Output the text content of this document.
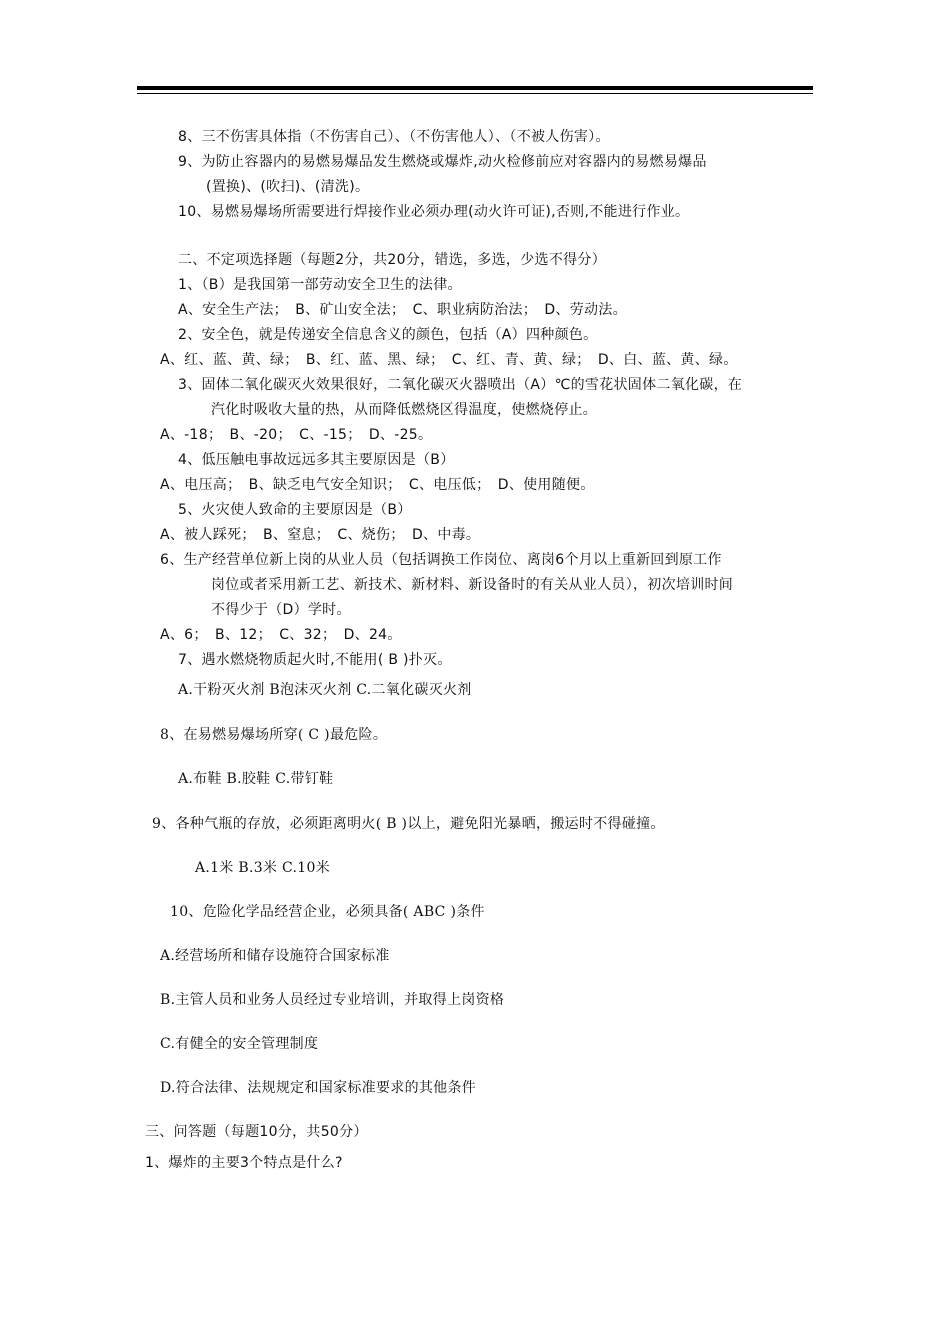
8、三不伤害具体指（不伤害自己）、（不伤害他人）、（不被人伤害）。
9、为防止容器内的易燃易爆品发生燃烧或爆炸,动火检修前应对容器内的易燃易爆品
(置换)、(吹扫)、(清洗)。
10、易燃易爆场所需要进行焊接作业必须办理(动火许可证),否则,不能进行作业。
二、不定项选择题（每题2分，共20分，错选，多选，少选不得分）
1、（B）是我国第一部劳动安全卫生的法律。
A、安全生产法；　B、矿山安全法；　C、职业病防治法；　D、劳动法。
2、安全色，就是传递安全信息含义的颜色，包括（A）四种颜色。
A、红、蓝、黄、绿；　B、红、蓝、黑、绿；　C、红、青、黄、绿；　D、白、蓝、黄、绿。
3、固体二氧化碳灭火效果很好，二氧化碳灭火器喷出（A）℃的雪花状固体二氧化碳，在
汽化时吸收大量的热，从而降低燃烧区得温度，使燃烧停止。
A、-18；　B、-20；　C、-15；　D、-25。
4、低压触电事故远远多其主要原因是（B）
A、电压高；　B、缺乏电气安全知识；　C、电压低；　D、使用随便。
5、火灾使人致命的主要原因是（B）
A、被人踩死；　B、窒息；　C、烧伤；　D、中毒。
6、生产经营单位新上岗的从业人员（包括调换工作岗位、离岗6个月以上重新回到原工作
岗位或者采用新工艺、新技术、新材料、新设备时的有关从业人员），初次培训时间
不得少于（D）学时。
A、6；　B、12；　C、32；　D、24。
7、遇水燃烧物质起火时,不能用( B )扑灭。
A.干粉灭火剂 B泡沫灭火剂 C.二氧化碳灭火剂
8、在易燃易爆场所穿( C )最危险。
A.布鞋 B.胶鞋 C.带钉鞋
9、各种气瓶的存放，必须距离明火( B )以上，避免阳光暴晒，搬运时不得碰撞。
A.1米 B.3米 C.10米
10、危险化学品经营企业，必须具备( ABC )条件
A.经营场所和储存设施符合国家标准
B.主管人员和业务人员经过专业培训，并取得上岗资格
C.有健全的安全管理制度
D.符合法律、法规规定和国家标准要求的其他条件
三、问答题（每题10分，共50分）
1、爆炸的主要3个特点是什么?
